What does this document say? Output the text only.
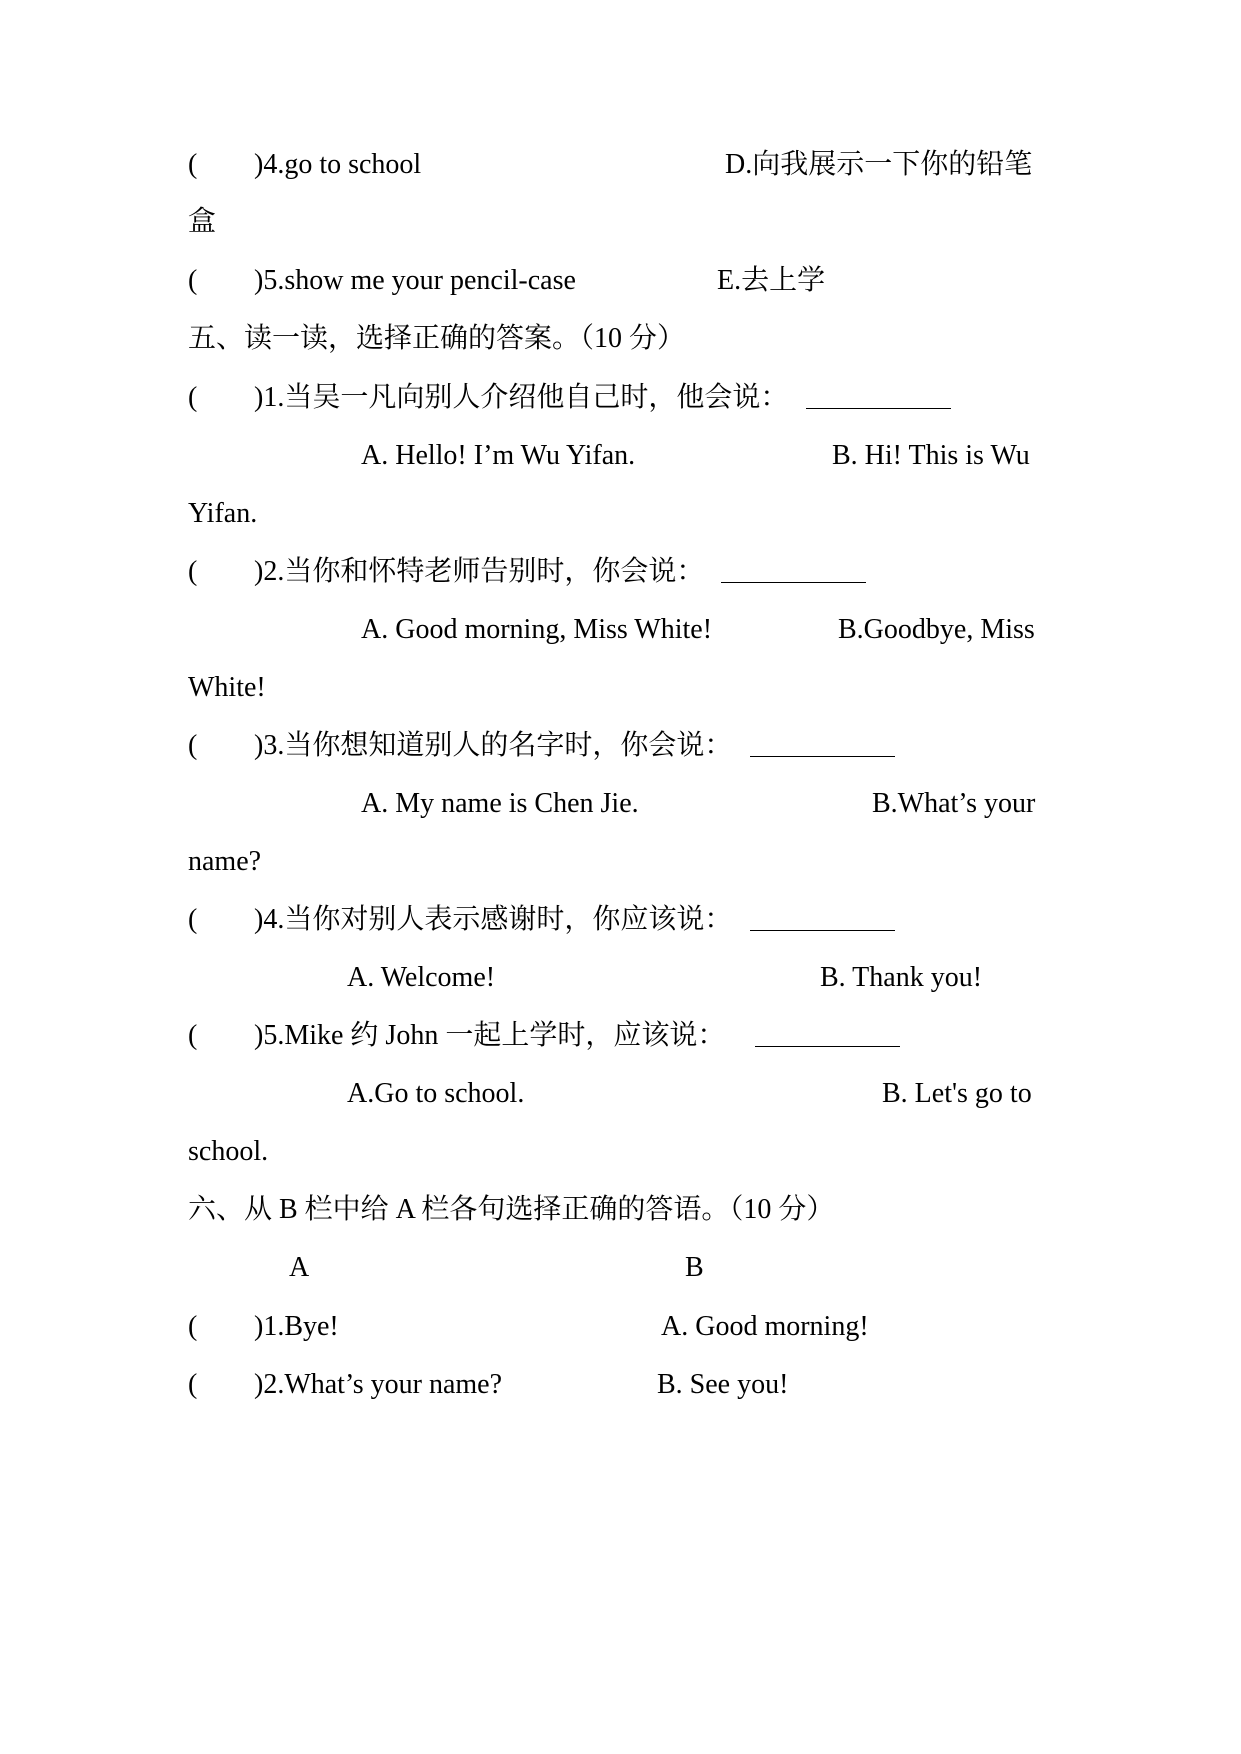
( )4.go to school	D.向我展示一下你的铅笔
盒
( )5.show me your pencil-case	E.去上学
五、读一读，选择正确的答案。（10 分）
( )1.当吴一凡向别人介绍他自己时，他会说：
A. Hello! I’m Wu Yifan.	B. Hi! This is Wu
Yifan.
( )2.当你和怀特老师告别时，你会说：
A. Good morning, Miss White!	B.Goodbye, Miss
White!
( )3.当你想知道别人的名字时，你会说：
A. My name is Chen Jie.	B.What’s your
name?
( )4.当你对别人表示感谢时，你应该说：
A. Welcome!	B. Thank you!
( )5.Mike 约 John 一起上学时，应该说：
A.Go to school.	B. Let's go to
school.
六、从 B 栏中给 A 栏各句选择正确的答语。（10 分）
A	B
( )1.Bye!	A. Good morning!
( )2.What’s your name?	B. See you!
